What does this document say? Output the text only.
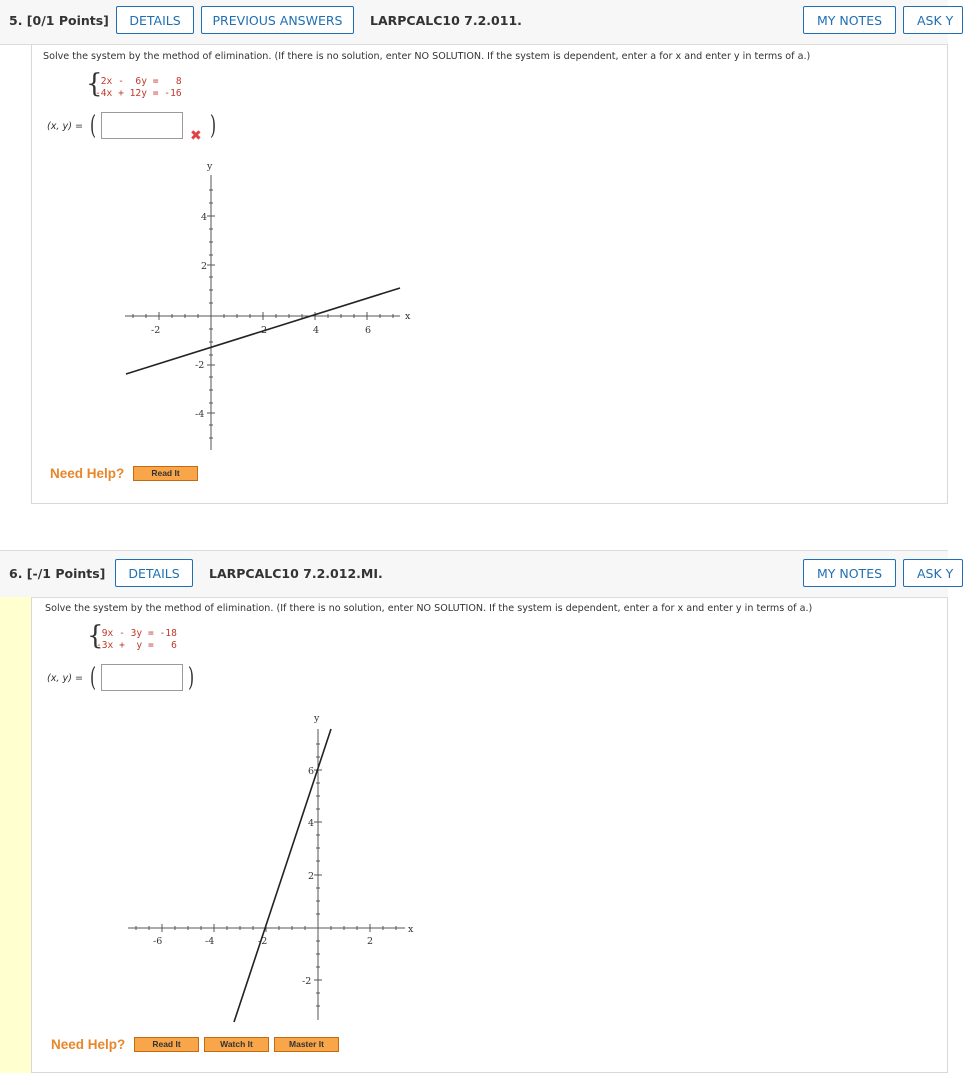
5. [0/1 Points]	DETAILS	PREVIOUS ANSWERS	LARPCALC10 7.2.011.	MY NOTES	ASK Y
Solve the system by the method of elimination. (If there is no solution, enter NO SOLUTION. If the system is dependent, enter a for x and enter y in terms of a.)
{
2x -  6y =   8
-4x + 12y = -16
(x, y) = (	✖ )
y
x
-2	4	6
4
2
-2
-4
Need Help?	Read It
6. [-/1 Points]	DETAILS	LARPCALC10 7.2.012.MI.	MY NOTES	ASK Y
Solve the system by the method of elimination. (If there is no solution, enter NO SOLUTION. If the system is dependent, enter a for x and enter y in terms of a.)
{
9x - 3y = -18
-3x +  y =   6
(x, y) = (	)
y
x
-6	-4	-2	2
6
4
2
-2
Need Help?	Read It	Watch It	Master It
